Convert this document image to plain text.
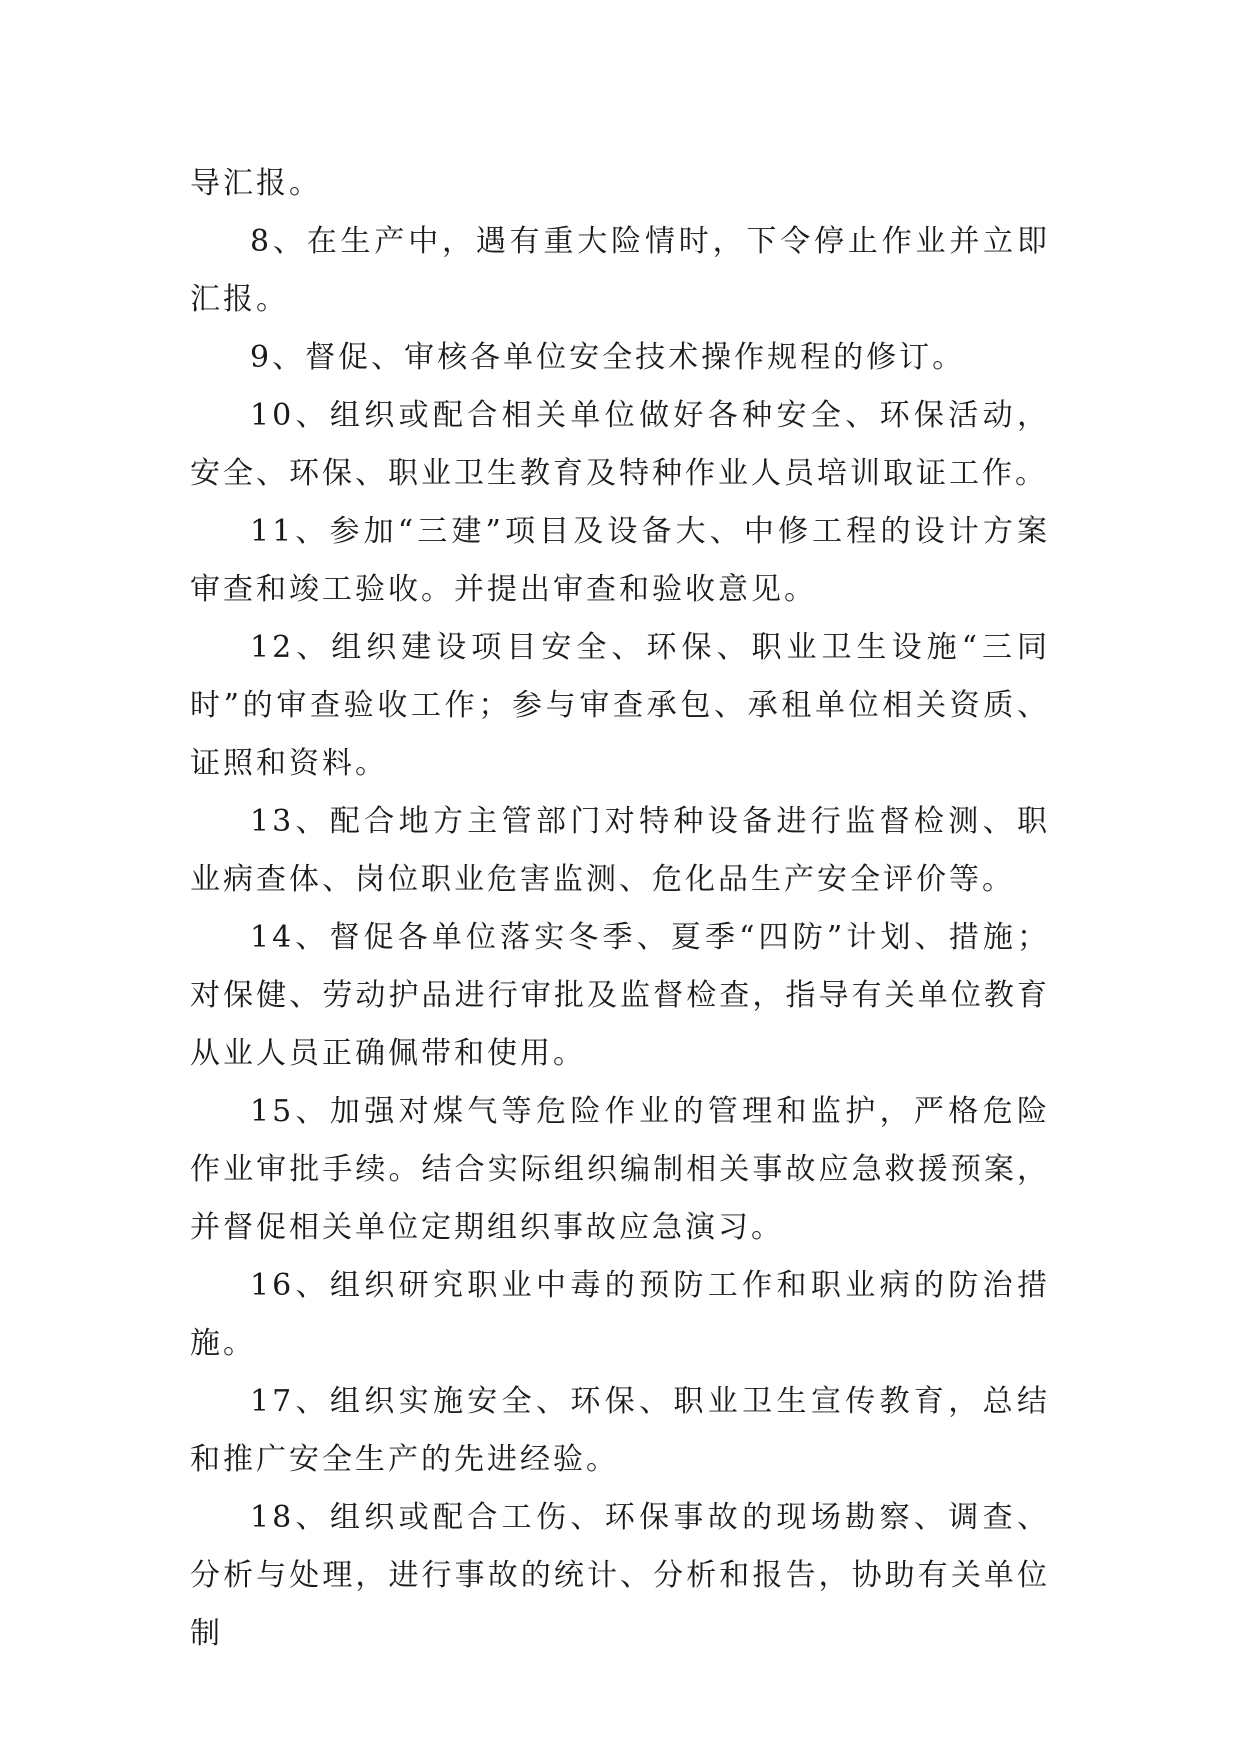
导汇报。

8、在生产中，遇有重大险情时，下令停止作业并立即汇报。

9、督促、审核各单位安全技术操作规程的修订。

10、组织或配合相关单位做好各种安全、环保活动，安全、环保、职业卫生教育及特种作业人员培训取证工作。

11、参加“三建”项目及设备大、中修工程的设计方案审查和竣工验收。并提出审查和验收意见。

12、组织建设项目安全、环保、职业卫生设施“三同时”的审查验收工作；参与审查承包、承租单位相关资质、证照和资料。

13、配合地方主管部门对特种设备进行监督检测、职业病查体、岗位职业危害监测、危化品生产安全评价等。

14、督促各单位落实冬季、夏季“四防”计划、措施；对保健、劳动护品进行审批及监督检查，指导有关单位教育从业人员正确佩带和使用。

15、加强对煤气等危险作业的管理和监护，严格危险作业审批手续。结合实际组织编制相关事故应急救援预案，并督促相关单位定期组织事故应急演习。

16、组织研究职业中毒的预防工作和职业病的防治措施。

17、组织实施安全、环保、职业卫生宣传教育，总结和推广安全生产的先进经验。

18、组织或配合工伤、环保事故的现场勘察、调查、分析与处理，进行事故的统计、分析和报告，协助有关单位制
